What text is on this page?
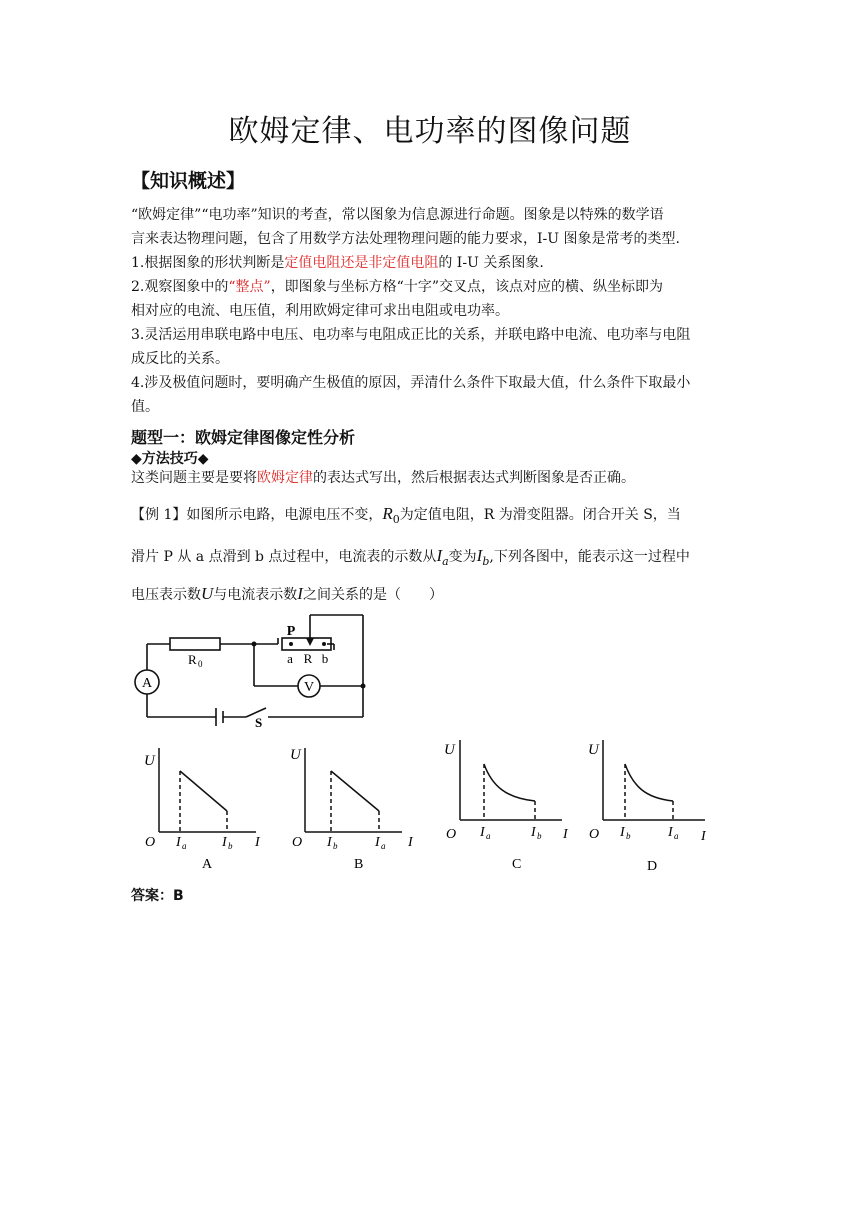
欧姆定律、电功率的图像问题
【知识概述】
“欧姆定律”“电功率”知识的考查，常以图象为信息源进行命题。图象是以特殊的数学语
言来表达物理问题，包含了用数学方法处理物理问题的能力要求，I-U 图象是常考的类型.
1.根据图象的形状判断是定值电阻还是非定值电阻的 I-U 关系图象.
2.观察图象中的“整点”，即图象与坐标方格“十字”交叉点，该点对应的横、纵坐标即为
相对应的电流、电压值，利用欧姆定律可求出电阻或电功率。
3.灵活运用串联电路中电压、电功率与电阻成正比的关系，并联电路中电流、电功率与电阻
成反比的关系。
4.涉及极值问题时，要明确产生极值的原因，弄清什么条件下取最大值，什么条件下取最小
值。
题型一：欧姆定律图像定性分析
◆方法技巧◆
这类问题主要是要将欧姆定律的表达式写出，然后根据表达式判断图象是否正确。
【例 1】如图所示电路，电源电压不变，$R_0$为定值电阻，R 为滑变阻器。闭合开关 S，当
滑片 P 从 a 点滑到 b 点过程中，电流表的示数从$I_a$变为$I_b$,下列各图中，能表示这一过程中
电压表示数U与电流表示数I之间关系的是（　　）
A	V
R 0
P
a R b
S
U
O I a	I b I
A
U
O I b	I a I
B
U
O I a	I b I
C
U
O I b	I a I
D
答案：B
